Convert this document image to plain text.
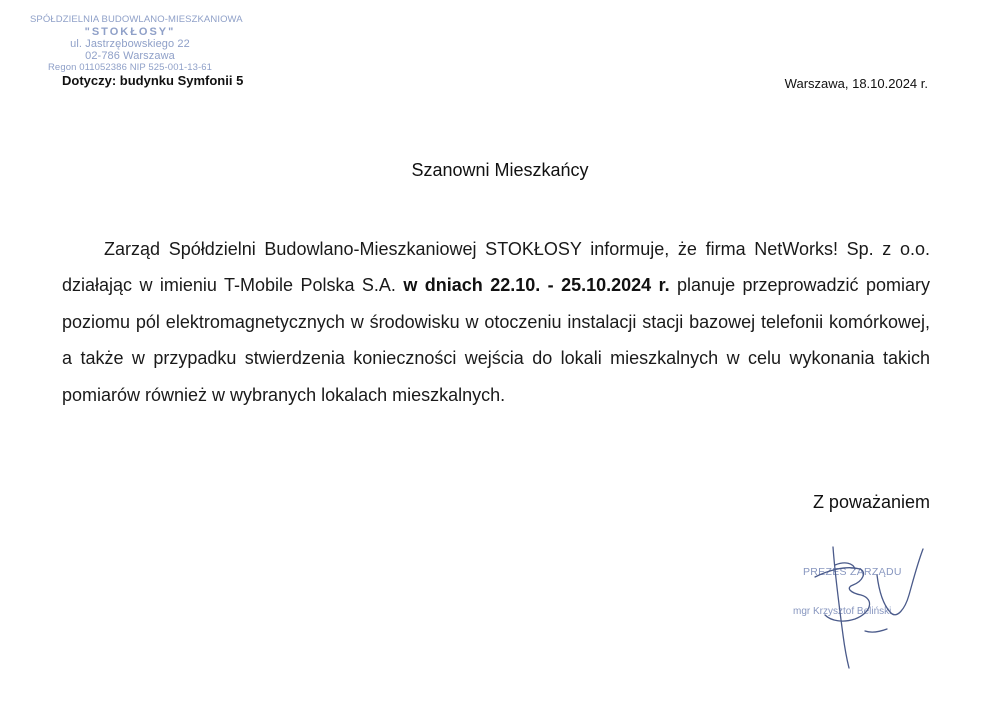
SPÓŁDZIELNIA BUDOWLANO-MIESZKANIOWA
"STOKŁOSY"
ul. Jastrzębowskiego 22
02-786 Warszawa
Regon 011052386 NIP 525-001-13-61
Dotyczy: budynku Symfonii 5	Warszawa, 18.10.2024 r.
Szanowni Mieszkańcy
Zarząd Spółdzielni Budowlano-Mieszkaniowej STOKŁOSY informuje, że firma NetWorks! Sp. z o.o. działając w imieniu T-Mobile Polska S.A. w dniach 22.10. - 25.10.2024 r. planuje przeprowadzić pomiary poziomu pól elektromagnetycznych w środowisku w otoczeniu instalacji stacji bazowej telefonii komórkowej, a także w przypadku stwierdzenia konieczności wejścia do lokali mieszkalnych w celu wykonania takich pomiarów również w wybranych lokalach mieszkalnych.
Z poważaniem
PREZES ZARZĄDU
mgr Krzysztof Beliński
